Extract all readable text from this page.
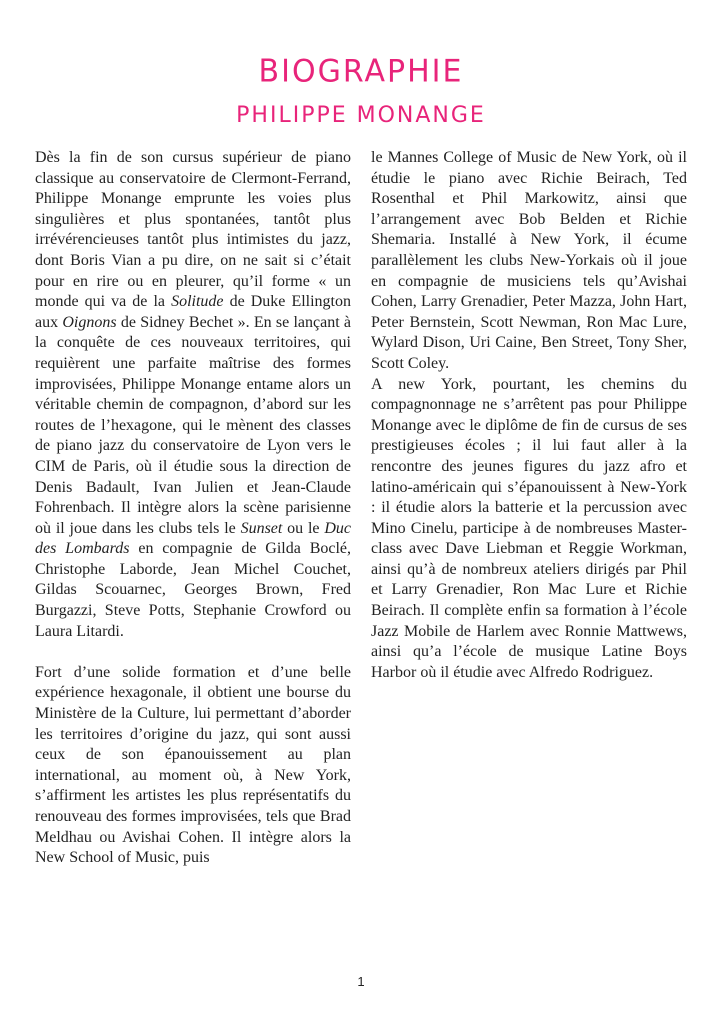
BIOGRAPHIE
PHILIPPE MONANGE

Dès la fin de son cursus supérieur de piano classique au conservatoire de Clermont-Ferrand, Philippe Monange emprunte les voies plus singulières et plus spontanées, tantôt plus irrévérencieuses tantôt plus intimistes du jazz, dont Boris Vian a pu dire, on ne sait si c’était pour en rire ou en pleurer, qu’il forme « un monde qui va de la Solitude de Duke Ellington aux Oignons de Sidney Bechet ». En se lançant à la conquête de ces nouveaux territoires, qui requièrent une parfaite maîtrise des formes improvisées, Philippe Monange entame alors un véritable chemin de compagnon, d’abord sur les routes de l’hexagone, qui le mènent des classes de piano jazz du conservatoire de Lyon vers le CIM de Paris, où il étudie sous la direction de Denis Badault, Ivan Julien et Jean-Claude Fohrenbach. Il intègre alors la scène parisienne où il joue dans les clubs tels le Sunset ou le Duc des Lombards en compagnie de Gilda Boclé, Christophe Laborde, Jean Michel Couchet, Gildas Scouarnec, Georges Brown, Fred Burgazzi, Steve Potts, Stephanie Crowford ou Laura Litardi.

Fort d’une solide formation et d’une belle expérience hexagonale, il obtient une bourse du Ministère de la Culture, lui permettant d’aborder les territoires d’origine du jazz, qui sont aussi ceux de son épanouissement au plan international, au moment où, à New York, s’affirment les artistes les plus représentatifs du renouveau des formes improvisées, tels que Brad Meldhau ou Avishai Cohen. Il intègre alors la New School of Music, puis

le Mannes College of Music de New York, où il étudie le piano avec Richie Beirach, Ted Rosenthal et Phil Markowitz, ainsi que l’arrangement avec Bob Belden et Richie Shemaria. Installé à New York, il écume parallèlement les clubs New-Yorkais où il joue en compagnie de musiciens tels qu’Avishai Cohen, Larry Grenadier, Peter Mazza, John Hart, Peter Bernstein, Scott Newman, Ron Mac Lure, Wylard Dison, Uri Caine, Ben Street, Tony Sher, Scott Coley.

A new York, pourtant, les chemins du compagnonnage ne s’arrêtent pas pour Philippe Monange avec le diplôme de fin de cursus de ses prestigieuses écoles ; il lui faut aller à la rencontre des jeunes figures du jazz afro et latino-américain qui s’épanouissent à New-York : il étudie alors la batterie et la percussion avec Mino Cinelu, participe à de nombreuses Master-class avec Dave Liebman et Reggie Workman, ainsi qu’à de nombreux ateliers dirigés par Phil et Larry Grenadier, Ron Mac Lure et Richie Beirach. Il complète enfin sa formation à l’école Jazz Mobile de Harlem avec Ronnie Mattwews, ainsi qu’a l’école de musique Latine Boys Harbor où il étudie avec Alfredo Rodriguez.

1
